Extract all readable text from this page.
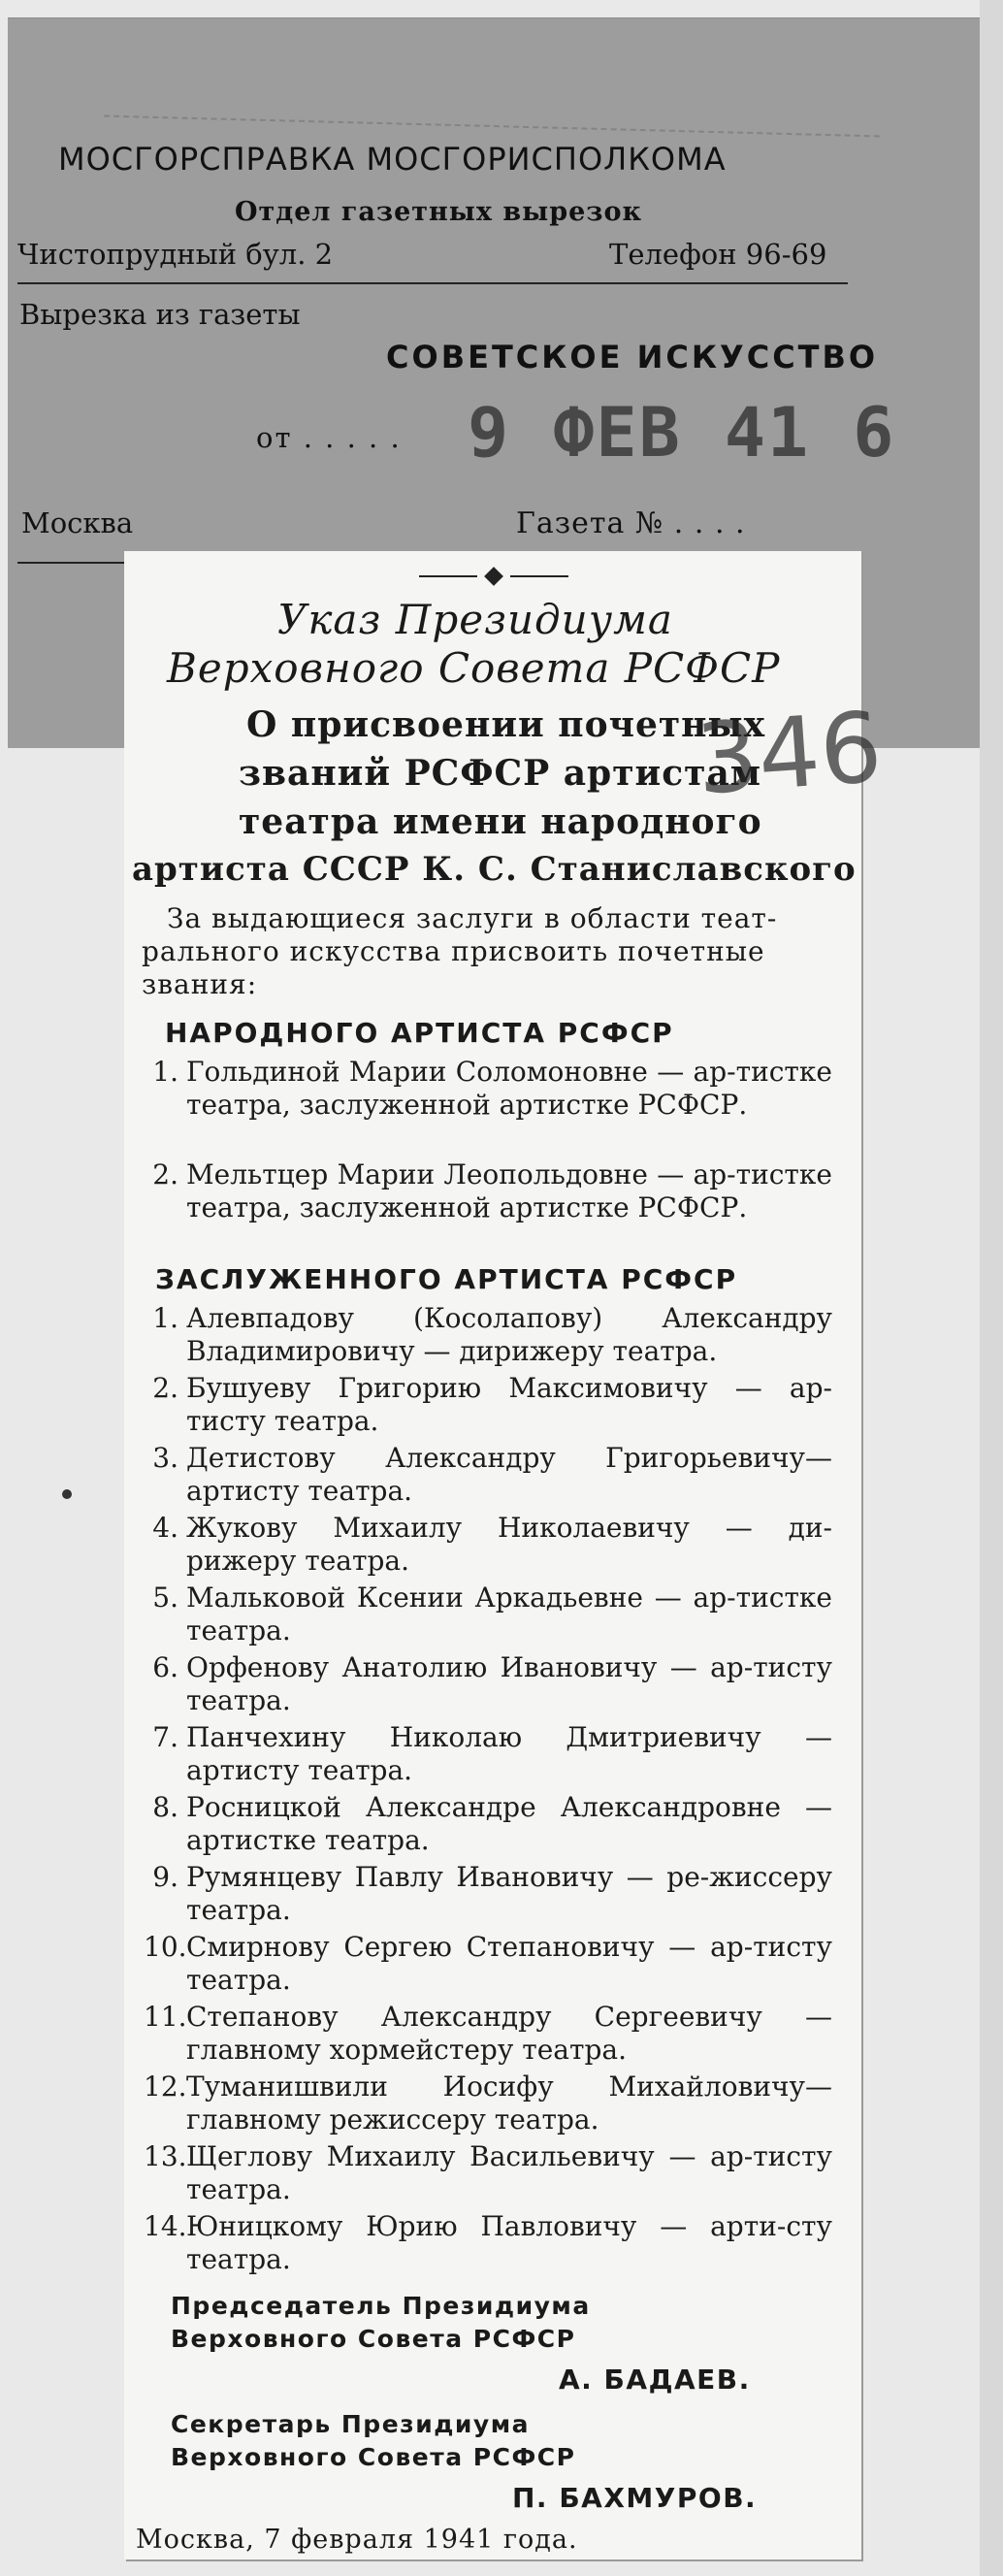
МОСГОРСПРАВКА МОСГОРИСПОЛКОМА
Отдел газетных вырезок
Чистопрудный бул. 2	Телефон 96-69
Вырезка из газеты
СОВЕТСКОЕ ИСКУССТВО
от . . . . . 9 ФЕВ 41 6
Москва	Газета № . . . .
Указ Президиума
Верховного Совета РСФСР
О присвоении почетных
званий РСФСР артистам
театра имени народного
артиста СССР К. С. Станиславского
346
За выдающиеся заслуги в области теат-
рального искусства присвоить почетные
звания:
НАРОДНОГО АРТИСТА РСФСР
1. Гольдиной Марии Соломоновне — ар-тистке театра, заслуженной артистке РСФСР.
2. Мельтцер Марии Леопольдовне — ар-тистке театра, заслуженной артистке РСФСР.
ЗАСЛУЖЕННОГО АРТИСТА РСФСР
1. Алевпадову (Косолапову) Александру Владимировичу — дирижеру театра.
2. Бушуеву Григорию Максимовичу — ар-тисту театра.
3. Детистову Александру Григорьевичу— артисту театра.
4. Жукову Михаилу Николаевичу — ди-рижеру театра.
5. Мальковой Ксении Аркадьевне — ар-тистке театра.
6. Орфенову Анатолию Ивановичу — ар-тисту театра.
7. Панчехину Николаю Дмитриевичу — артисту театра.
8. Росницкой Александре Александровне — артистке театра.
9. Румянцеву Павлу Ивановичу — ре-жиссеру театра.
10. Смирнову Сергею Степановичу — ар-тисту театра.
11. Степанову Александру Сергеевичу — главному хормейстеру театра.
12. Туманишвили Иосифу Михайловичу— главному режиссеру театра.
13. Щеглову Михаилу Васильевичу — ар-тисту театра.
14. Юницкому Юрию Павловичу — арти-сту театра.
Председатель Президиума
Верховного Совета РСФСР
А. БАДАЕВ.
Секретарь Президиума
Верховного Совета РСФСР
П. БАХМУРОВ.
Москва, 7 февраля 1941 года.
